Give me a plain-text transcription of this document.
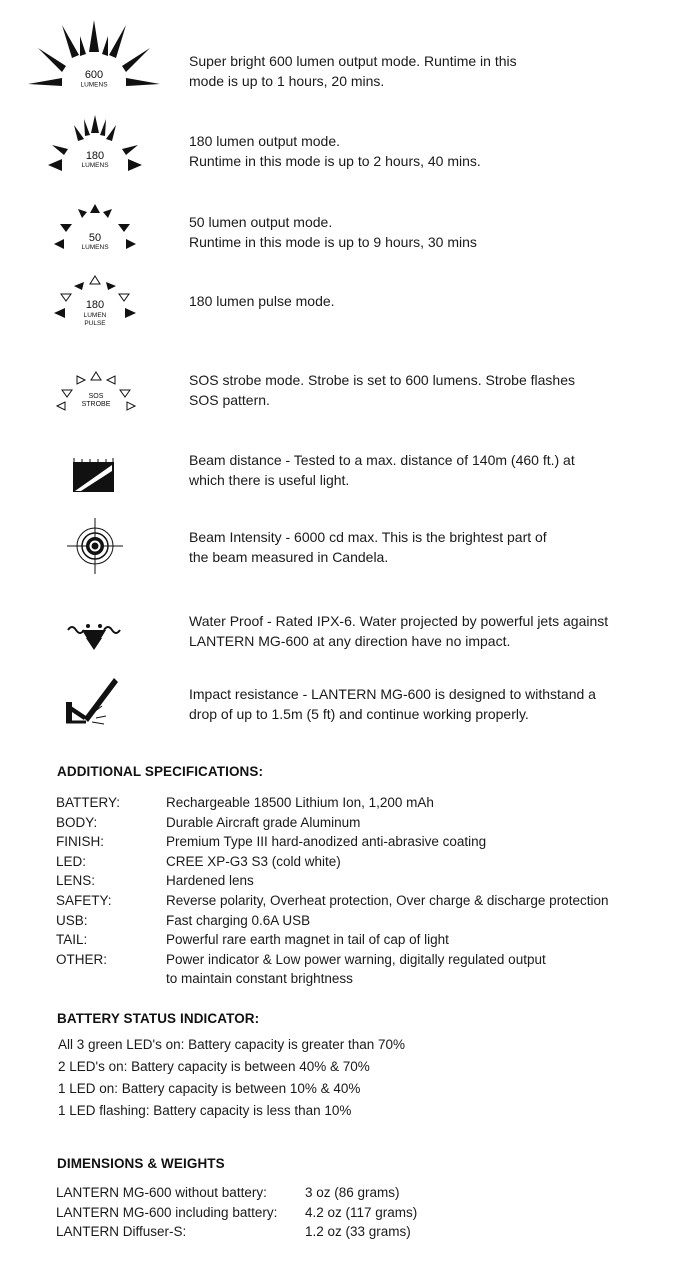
600
LUMENS
Super bright 600 lumen output mode. Runtime in this
mode is up to 1 hours, 20 mins.
180
LUMENS
180 lumen output mode.
Runtime in this mode is up to 2 hours, 40 mins.
50
LUMENS
50 lumen output mode.
Runtime in this mode is up to 9 hours, 30 mins
180
LUMEN
PULSE
180 lumen pulse mode.
SOS
STROBE
SOS strobe mode. Strobe is set to 600 lumens. Strobe flashes
SOS pattern.
Beam distance - Tested to a max. distance of 140m (460 ft.) at
which there is useful light.
Beam Intensity - 6000 cd max. This is the brightest part of
the beam measured in Candela.
Water Proof - Rated IPX-6. Water projected by powerful jets against
LANTERN MG-600 at any direction have no impact.
Impact resistance - LANTERN MG-600 is designed to withstand a
drop of up to 1.5m (5 ft) and continue working properly.
ADDITIONAL SPECIFICATIONS:
BATTERY:	Rechargeable 18500 Lithium Ion, 1,200 mAh
BODY:	Durable Aircraft grade Aluminum
FINISH:	Premium Type III hard-anodized anti-abrasive coating
LED:	CREE XP-G3 S3 (cold white)
LENS:	Hardened lens
SAFETY:	Reverse polarity, Overheat protection, Over charge & discharge protection
USB:	Fast charging 0.6A USB
TAIL:	Powerful rare earth magnet in tail of cap of light
OTHER:	Power indicator & Low power warning, digitally regulated output
to maintain constant brightness
BATTERY STATUS INDICATOR:
All 3 green LED's on: Battery capacity is greater than 70%
2 LED's on: Battery capacity is between 40% & 70%
1 LED on: Battery capacity is between 10% & 40%
1 LED flashing: Battery capacity is less than 10%
DIMENSIONS & WEIGHTS
LANTERN MG-600 without battery:	3 oz (86 grams)
LANTERN MG-600 including battery: 4.2 oz (117 grams)
LANTERN Diffuser-S:	1.2 oz (33 grams)
